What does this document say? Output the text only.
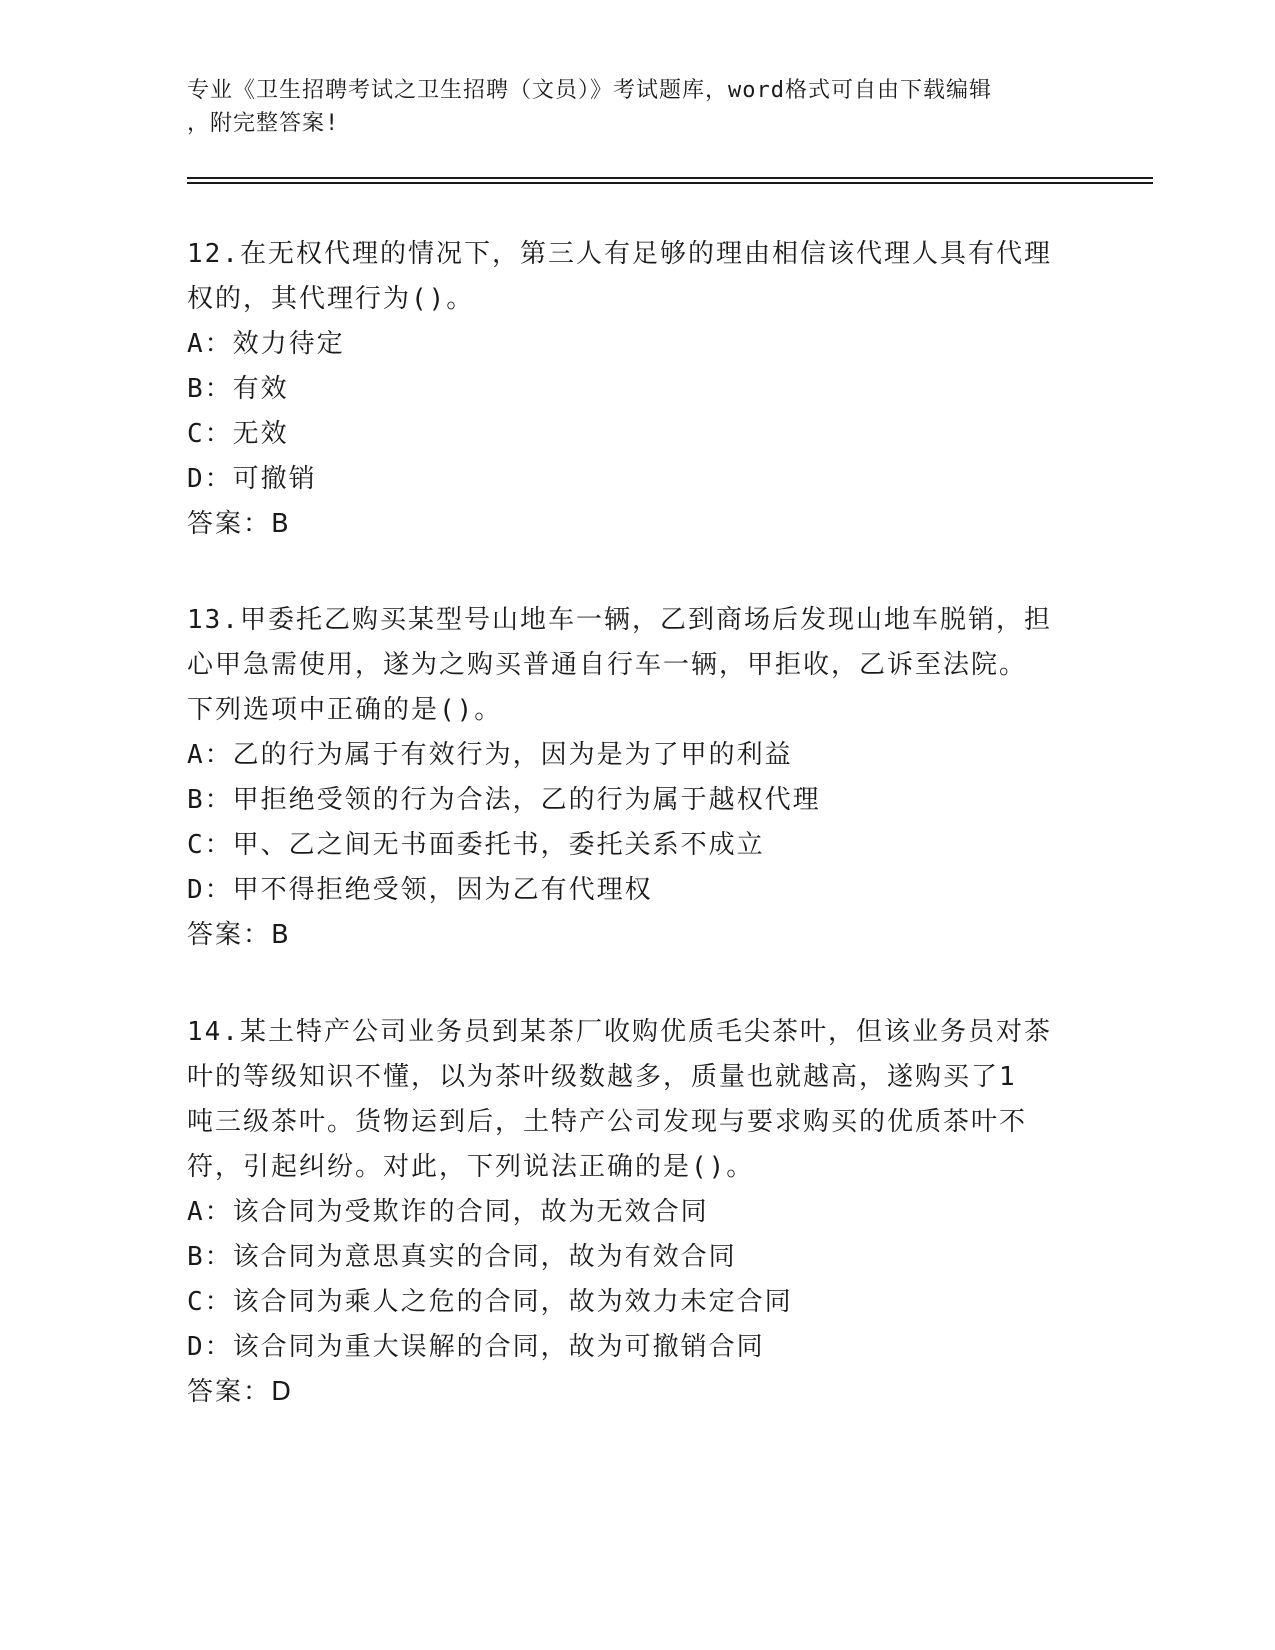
专业《卫生招聘考试之卫生招聘（文员）》考试题库，word格式可自由下载编辑
，附完整答案!
12.在无权代理的情况下，第三人有足够的理由相信该代理人具有代理
权的，其代理行为()。
A：效力待定
B：有效
C：无效
D：可撤销
答案：B
13.甲委托乙购买某型号山地车一辆，乙到商场后发现山地车脱销，担
心甲急需使用，遂为之购买普通自行车一辆，甲拒收，乙诉至法院。
下列选项中正确的是()。
A：乙的行为属于有效行为，因为是为了甲的利益
B：甲拒绝受领的行为合法，乙的行为属于越权代理
C：甲、乙之间无书面委托书，委托关系不成立
D：甲不得拒绝受领，因为乙有代理权
答案：B
14.某土特产公司业务员到某茶厂收购优质毛尖茶叶，但该业务员对茶
叶的等级知识不懂，以为茶叶级数越多，质量也就越高，遂购买了1
吨三级茶叶。货物运到后，土特产公司发现与要求购买的优质茶叶不
符，引起纠纷。对此，下列说法正确的是()。
A：该合同为受欺诈的合同，故为无效合同
B：该合同为意思真实的合同，故为有效合同
C：该合同为乘人之危的合同，故为效力未定合同
D：该合同为重大误解的合同，故为可撤销合同
答案：D
